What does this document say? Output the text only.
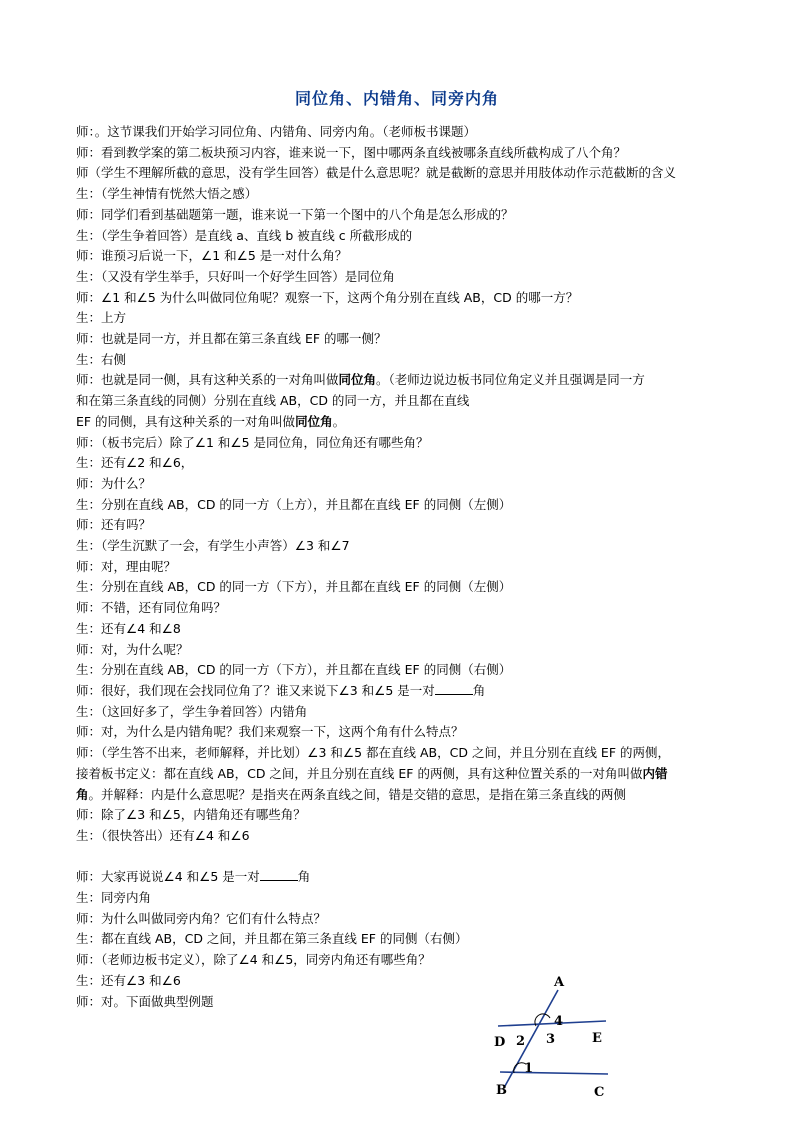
同位角、内错角、同旁内角
师：。这节课我们开始学习同位角、内错角、同旁内角。（老师板书课题）
师：看到教学案的第二板块预习内容，谁来说一下，图中哪两条直线被哪条直线所截构成了八个角？
师（学生不理解所截的意思，没有学生回答）截是什么意思呢？就是截断的意思并用肢体动作示范截断的含义
生：（学生神情有恍然大悟之感）
师：同学们看到基础题第一题，谁来说一下第一个图中的八个角是怎么形成的？
生：（学生争着回答）是直线 a、直线 b 被直线 c 所截形成的
师：谁预习后说一下，∠1 和∠5 是一对什么角？
生：（又没有学生举手，只好叫一个好学生回答）是同位角
师：∠1 和∠5 为什么叫做同位角呢？观察一下，这两个角分别在直线 AB，CD 的哪一方？
生：上方
师：也就是同一方，并且都在第三条直线 EF 的哪一侧？
生：右侧
师：也就是同一侧，具有这种关系的一对角叫做同位角。（老师边说边板书同位角定义并且强调是同一方
和在第三条直线的同侧）分别在直线 AB，CD 的同一方，并且都在直线
EF 的同侧，具有这种关系的一对角叫做同位角。
师：（板书完后）除了∠1 和∠5 是同位角，同位角还有哪些角？
生：还有∠2 和∠6，
师：为什么？
生：分别在直线 AB，CD 的同一方（上方），并且都在直线 EF 的同侧（左侧）
师：还有吗？
生：（学生沉默了一会，有学生小声答）∠3 和∠7
师：对，理由呢？
生：分别在直线 AB，CD 的同一方（下方），并且都在直线 EF 的同侧（左侧）
师：不错，还有同位角吗？
生：还有∠4 和∠8
师：对，为什么呢？
生：分别在直线 AB，CD 的同一方（下方），并且都在直线 EF 的同侧（右侧）
师：很好，我们现在会找同位角了？谁又来说下∠3 和∠5 是一对	角
生：（这回好多了，学生争着回答）内错角
师：对，为什么是内错角呢？我们来观察一下，这两个角有什么特点？
师：（学生答不出来，老师解释，并比划）∠3 和∠5 都在直线 AB，CD 之间，并且分别在直线 EF 的两侧，
接着板书定义：都在直线 AB，CD 之间，并且分别在直线 EF 的两侧，具有这种位置关系的一对角叫做内错
角。并解释：内是什么意思呢？是指夹在两条直线之间，错是交错的意思，是指在第三条直线的两侧
师：除了∠3 和∠5，内错角还有哪些角？
生：（很快答出）还有∠4 和∠6
师：大家再说说∠4 和∠5 是一对	角
生：同旁内角
师：为什么叫做同旁内角？它们有什么特点？
生：都在直线 AB，CD 之间，并且都在第三条直线 EF 的同侧（右侧）
师：（老师边板书定义），除了∠4 和∠5，同旁内角还有哪些角？
生：还有∠3 和∠6
师：对。下面做典型例题
A
D	E
B	C
1
2 3
4
